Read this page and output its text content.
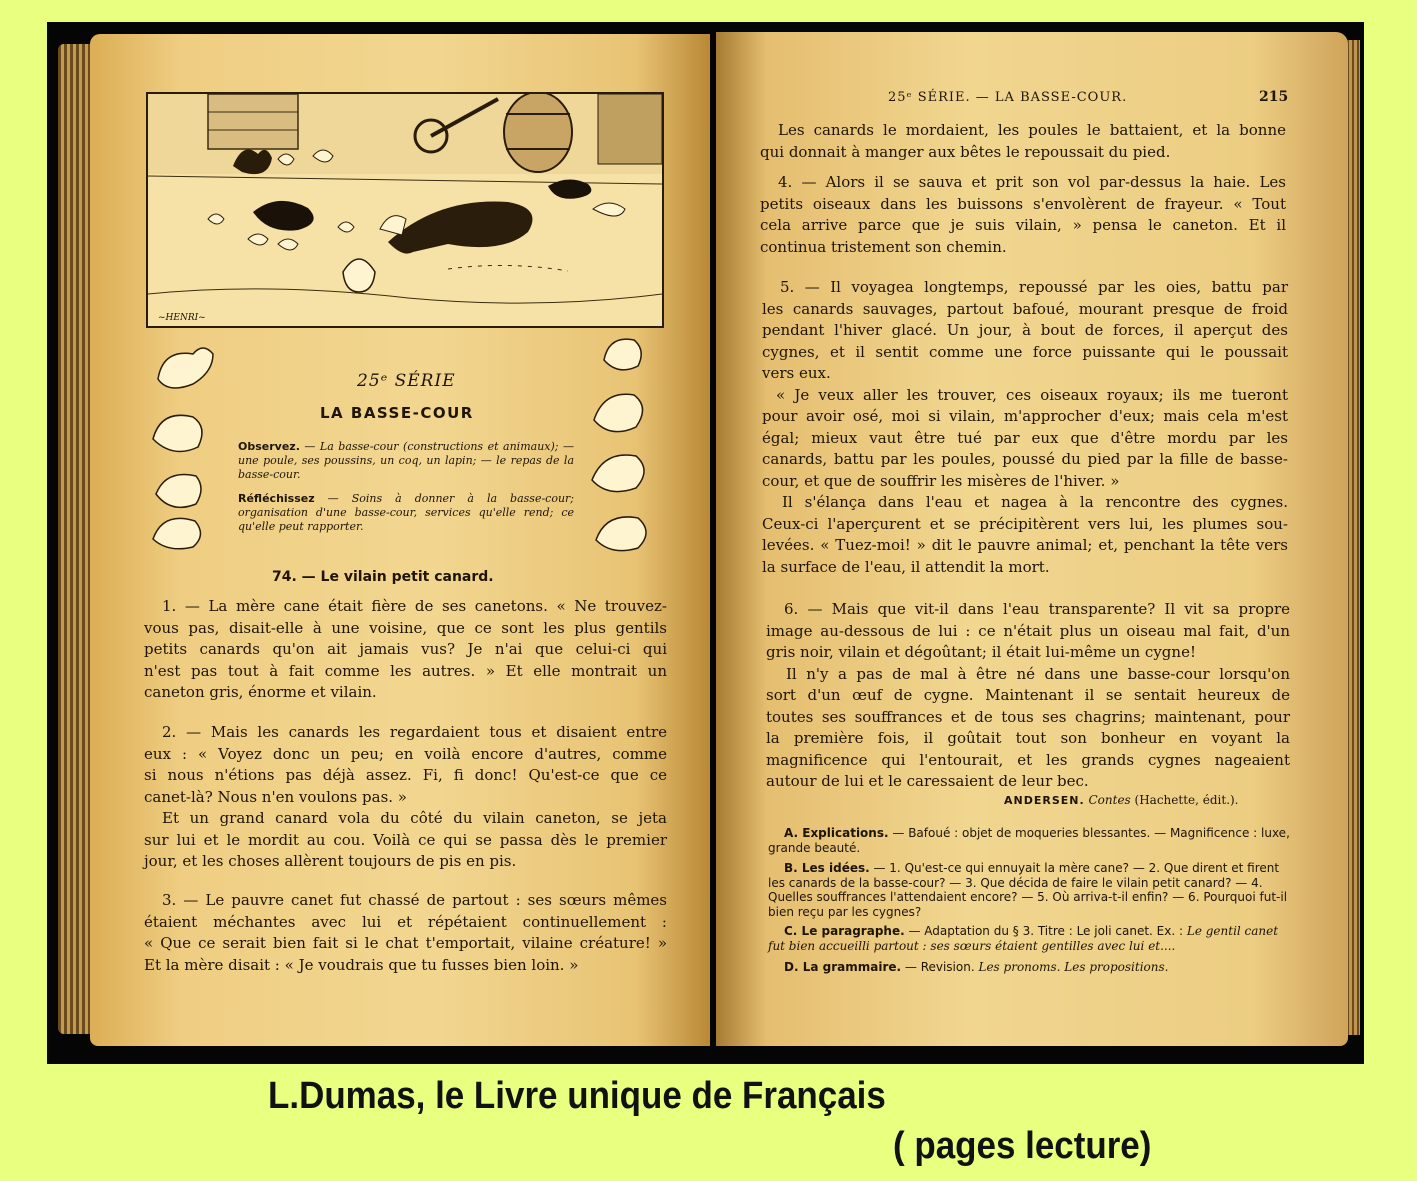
~HENRI~
25ᵉ SÉRIE
LA BASSE-COUR
Observez. — La basse-cour (constructions et animaux); — une poule, ses poussins, un coq, un lapin; — le repas de la basse-cour.
Réfléchissez — Soins à donner à la basse-cour; organisation d'une basse-cour, services qu'elle rend; ce qu'elle peut rapporter.
74. — Le vilain petit canard.
1. — La mère cane était fière de ses canetons. « Ne trouvez-
vous pas, disait-elle à une voisine, que ce sont les plus gentils
petits canards qu'on ait jamais vus? Je n'ai que celui-ci qui
n'est pas tout à fait comme les autres. » Et elle montrait un
caneton gris, énorme et vilain.
2. — Mais les canards les regardaient tous et disaient entre
eux : « Voyez donc un peu; en voilà encore d'autres, comme
si nous n'étions pas déjà assez. Fi, fi donc! Qu'est-ce que ce
canet-là? Nous n'en voulons pas. »
Et un grand canard vola du côté du vilain caneton, se jeta
sur lui et le mordit au cou. Voilà ce qui se passa dès le premier
jour, et les choses allèrent toujours de pis en pis.
3. — Le pauvre canet fut chassé de partout : ses sœurs mêmes
étaient méchantes avec lui et répétaient continuellement :
« Que ce serait bien fait si le chat t'emportait, vilaine créature! »
Et la mère disait : « Je voudrais que tu fusses bien loin. »
25ᵉ SÉRIE. — LA BASSE-COUR.	215
Les canards le mordaient, les poules le battaient, et la bonne
qui donnait à manger aux bêtes le repoussait du pied.
4. — Alors il se sauva et prit son vol par-dessus la haie. Les
petits oiseaux dans les buissons s'envolèrent de frayeur. « Tout
cela arrive parce que je suis vilain, » pensa le caneton. Et il
continua tristement son chemin.
5. — Il voyagea longtemps, repoussé par les oies, battu par
les canards sauvages, partout bafoué, mourant presque de froid
pendant l'hiver glacé. Un jour, à bout de forces, il aperçut des
cygnes, et il sentit comme une force puissante qui le poussait
vers eux.
« Je veux aller les trouver, ces oiseaux royaux; ils me tueront
pour avoir osé, moi si vilain, m'approcher d'eux; mais cela m'est
égal; mieux vaut être tué par eux que d'être mordu par les
canards, battu par les poules, poussé du pied par la fille de basse-
cour, et que de souffrir les misères de l'hiver. »
Il s'élança dans l'eau et nagea à la rencontre des cygnes.
Ceux-ci l'aperçurent et se précipitèrent vers lui, les plumes sou-
levées. « Tuez-moi! » dit le pauvre animal; et, penchant la tête vers
la surface de l'eau, il attendit la mort.
6. — Mais que vit-il dans l'eau transparente? Il vit sa propre
image au-dessous de lui : ce n'était plus un oiseau mal fait, d'un
gris noir, vilain et dégoûtant; il était lui-même un cygne!
Il n'y a pas de mal à être né dans une basse-cour lorsqu'on
sort d'un œuf de cygne. Maintenant il se sentait heureux de
toutes ses souffrances et de tous ses chagrins; maintenant, pour
la première fois, il goûtait tout son bonheur en voyant la
magnificence qui l'entourait, et les grands cygnes nageaient
autour de lui et le caressaient de leur bec.
ANDERSEN. Contes (Hachette, édit.).
A. Explications. — Bafoué : objet de moqueries blessantes. — Magnificence : luxe, grande beauté.
B. Les idées. — 1. Qu'est-ce qui ennuyait la mère cane? — 2. Que dirent et firent les canards de la basse-cour? — 3. Que décida de faire le vilain petit canard? — 4. Quelles souffrances l'attendaient encore? — 5. Où arriva-t-il enfin? — 6. Pourquoi fut-il bien reçu par les cygnes?
C. Le paragraphe. — Adaptation du § 3. Titre : Le joli canet. Ex. : Le gentil canet fut bien accueilli partout : ses sœurs étaient gentilles avec lui et....
D. La grammaire. — Revision. Les pronoms. Les propositions.
L.Dumas, le Livre unique de Français
( pages lecture)
